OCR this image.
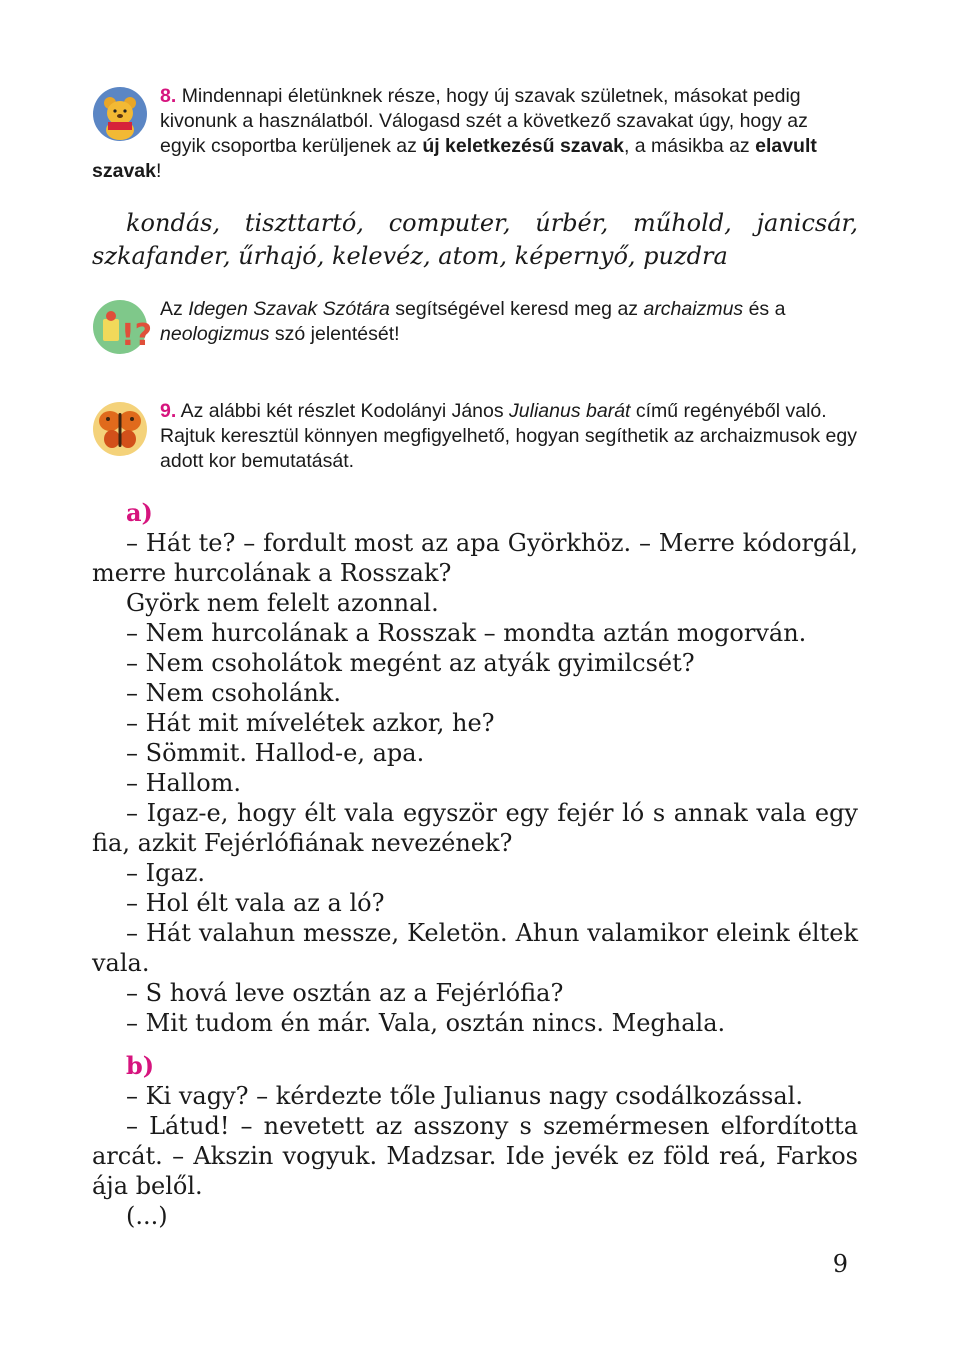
8. Mindennapi életünknek része, hogy új szavak születnek, másokat pedig kivonunk a használatból. Válogasd szét a következő szavakat úgy, hogy az egyik csoportba kerüljenek az új keletkezésű szavak, a másikba az elavult szavak!
kondás, tiszttartó, computer, úrbér, műhold, janicsár, szkafander, űrhajó, kelevéz, atom, képernyő, puzdra
!?
Az Idegen Szavak Szótára segítségével keresd meg az archaizmus és a neologizmus szó jelentését!
9. Az alábbi két részlet Kodolányi János Julianus barát című regényéből való. Rajtuk keresztül könnyen megfigyelhető, hogyan segíthetik az archaizmusok egy adott kor bemutatását.

a)

– Hát te? – fordult most az apa Györkhöz. – Merre kódorgál, merre hurcolának a Rosszak?

Györk nem felelt azonnal.

– Nem hurcolának a Rosszak – mondta aztán mogorván.

– Nem csoholátok megént az atyák gyimilcsét?

– Nem csoholánk.

– Hát mit mívelétek azkor, he?

– Sömmit. Hallod-e, apa.

– Hallom.

– Igaz-e, hogy élt vala egyször egy fejér ló s annak vala egy fia, azkit Fejérlófiának nevezének?

– Igaz.

– Hol élt vala az a ló?

– Hát valahun messze, Keletön. Ahun valamikor eleink éltek vala.

– S hová leve osztán az a Fejérlófia?

– Mit tudom én már. Vala, osztán nincs. Meghala.

b)

– Ki vagy? – kérdezte tőle Julianus nagy csodálkozással.

– Látud! – nevetett az asszony s szemérmesen elfordította arcát. – Akszin vogyuk. Madzsar. Ide jevék ez föld reá, Farkos ája belől.

(...)

9
